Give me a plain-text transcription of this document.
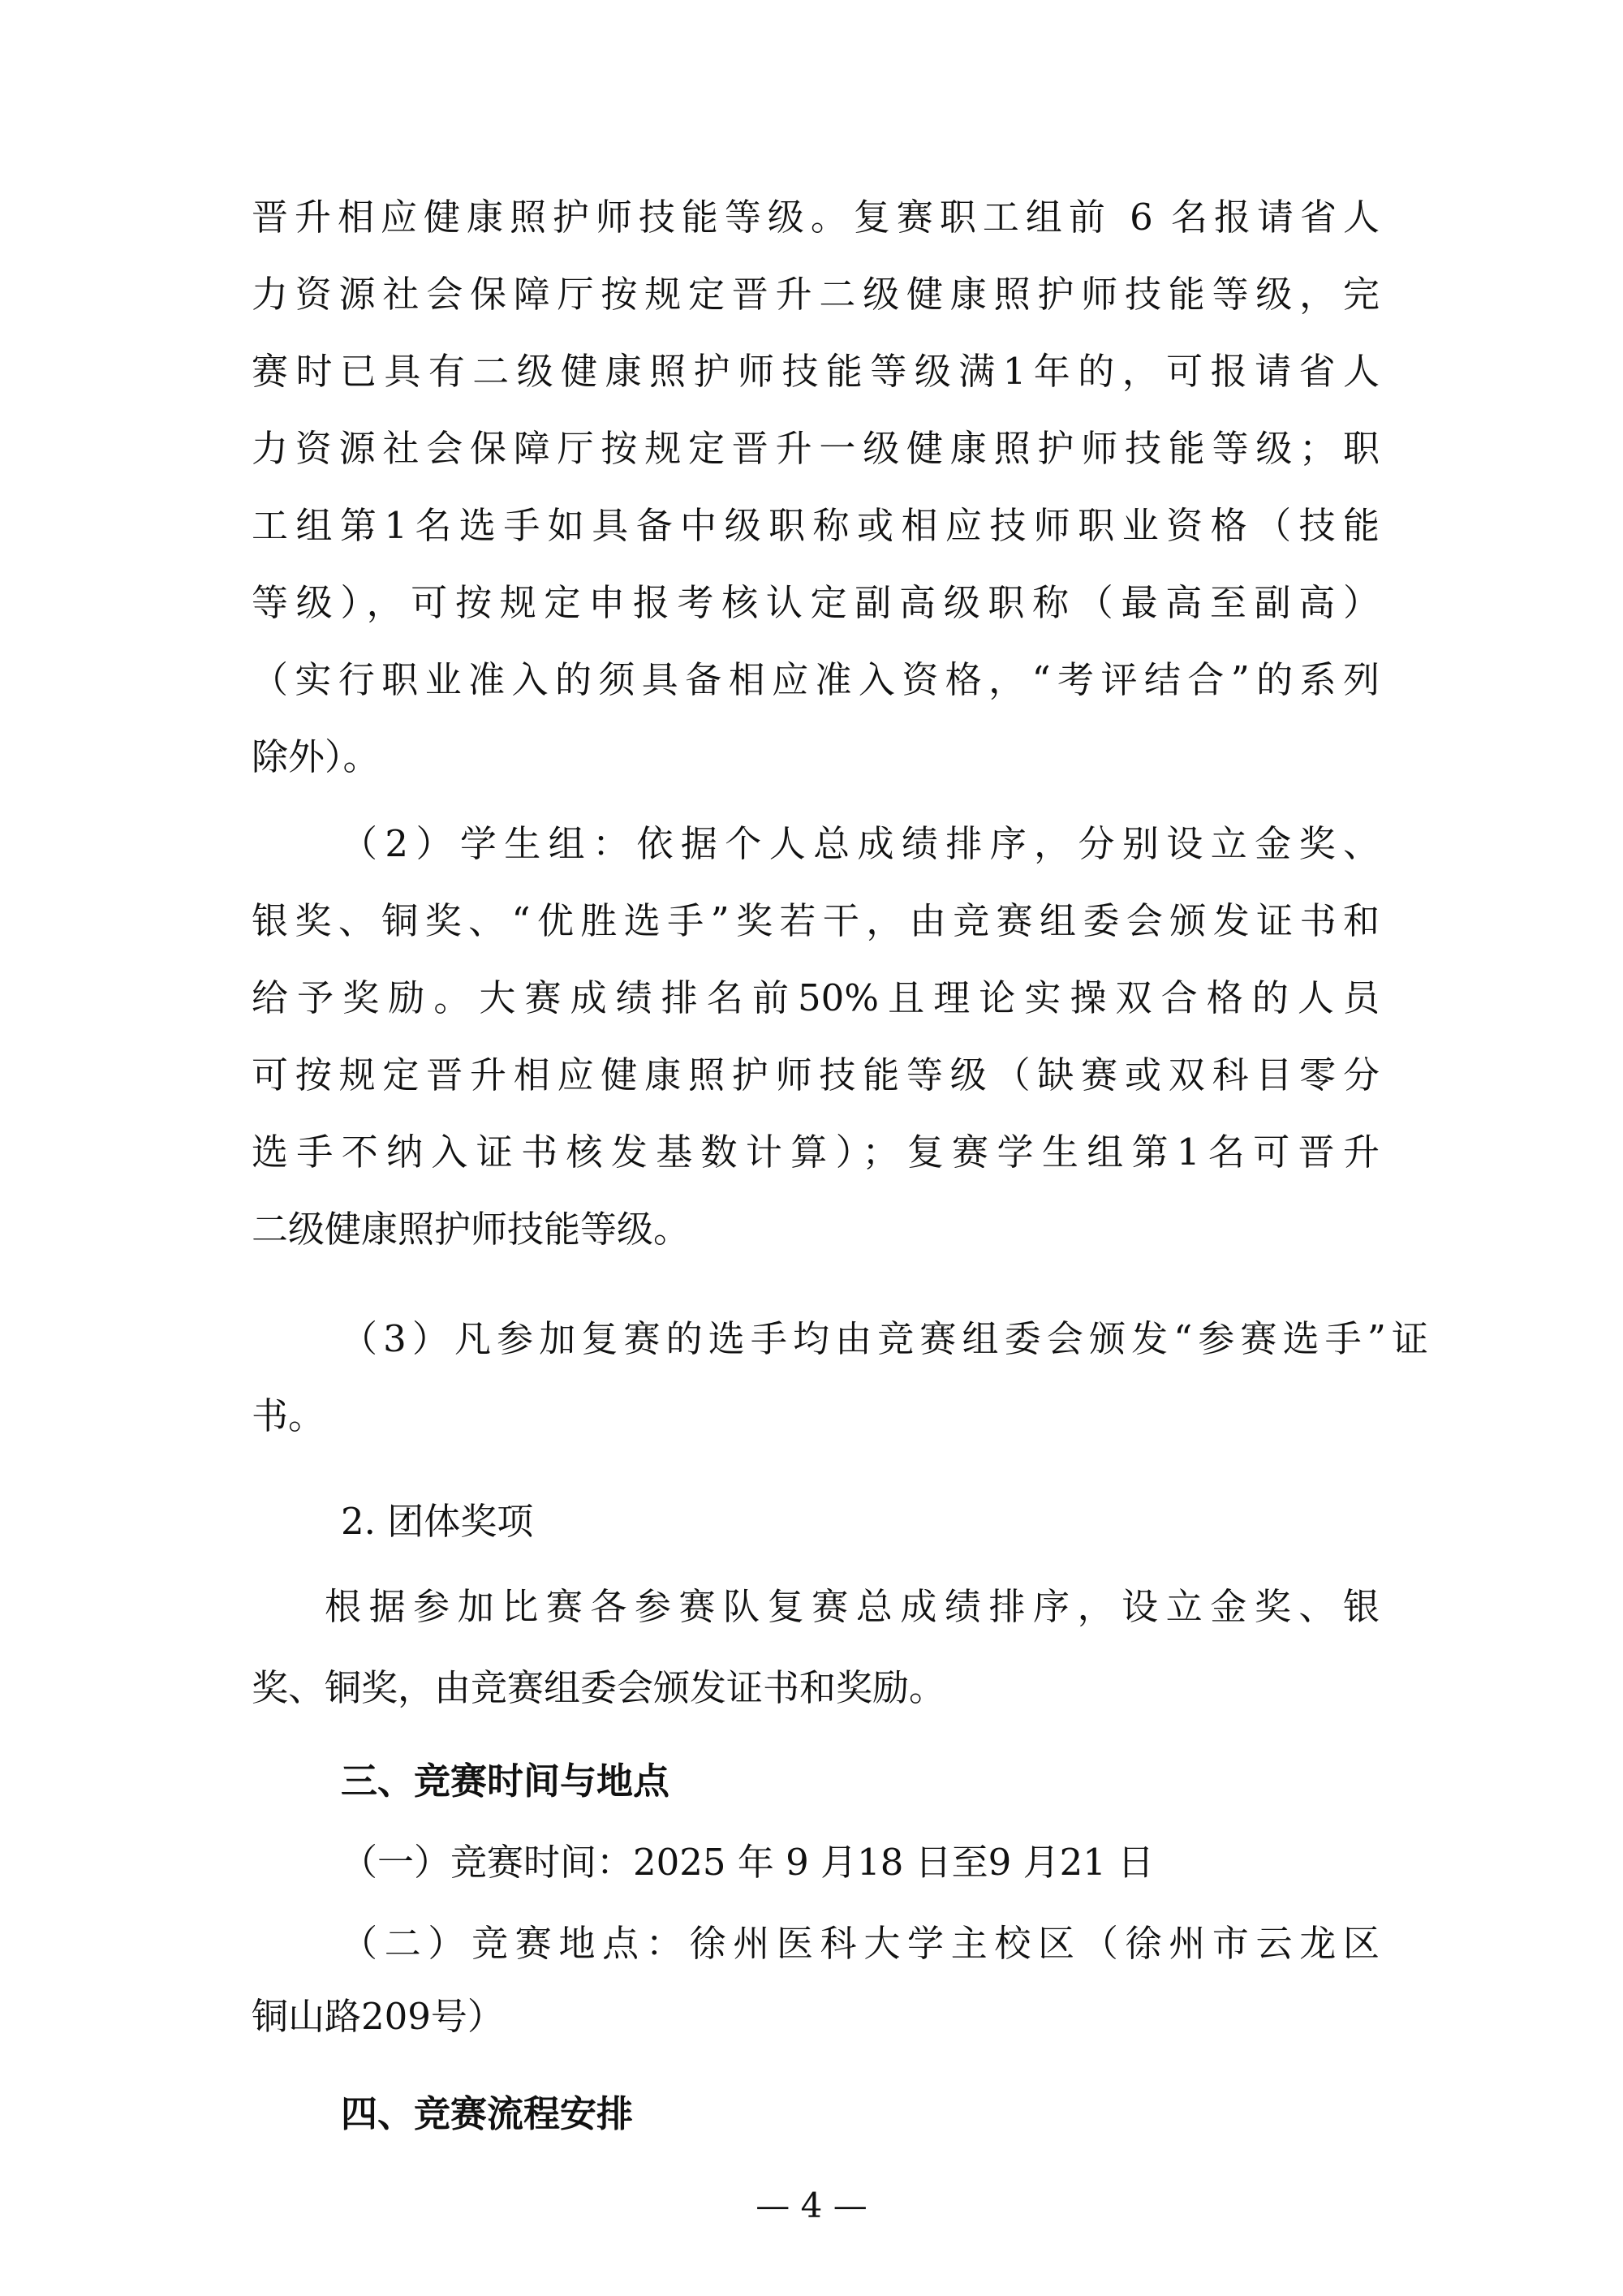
晋升相应健康照护师技能等级。复赛职工组前 6 名报请省人
力资源社会保障厅按规定晋升二级健康照护师技能等级，完
赛时已具有二级健康照护师技能等级满1年的，可报请省人
力资源社会保障厅按规定晋升一级健康照护师技能等级；职
工组第1名选手如具备中级职称或相应技师职业资格（技能
等级），可按规定申报考核认定副高级职称（最高至副高）
（实行职业准入的须具备相应准入资格，“考评结合”的系列
除外）。
（2）学生组：依据个人总成绩排序，分别设立金奖、
银奖、铜奖、“优胜选手”奖若干，由竞赛组委会颁发证书和
给予奖励。大赛成绩排名前50%且理论实操双合格的人员
可按规定晋升相应健康照护师技能等级（缺赛或双科目零分
选手不纳入证书核发基数计算）；复赛学生组第1名可晋升
二级健康照护师技能等级。
（3）凡参加复赛的选手均由竞赛组委会颁发“参赛选手”证
书。
2. 团体奖项
根据参加比赛各参赛队复赛总成绩排序，设立金奖、银
奖、铜奖，由竞赛组委会颁发证书和奖励。
三、竞赛时间与地点
（一）竞赛时间：2025 年 9 月18 日至9 月21 日
（二）竞赛地点：徐州医科大学主校区（徐州市云龙区
铜山路209号）
四、竞赛流程安排
— 4 —
